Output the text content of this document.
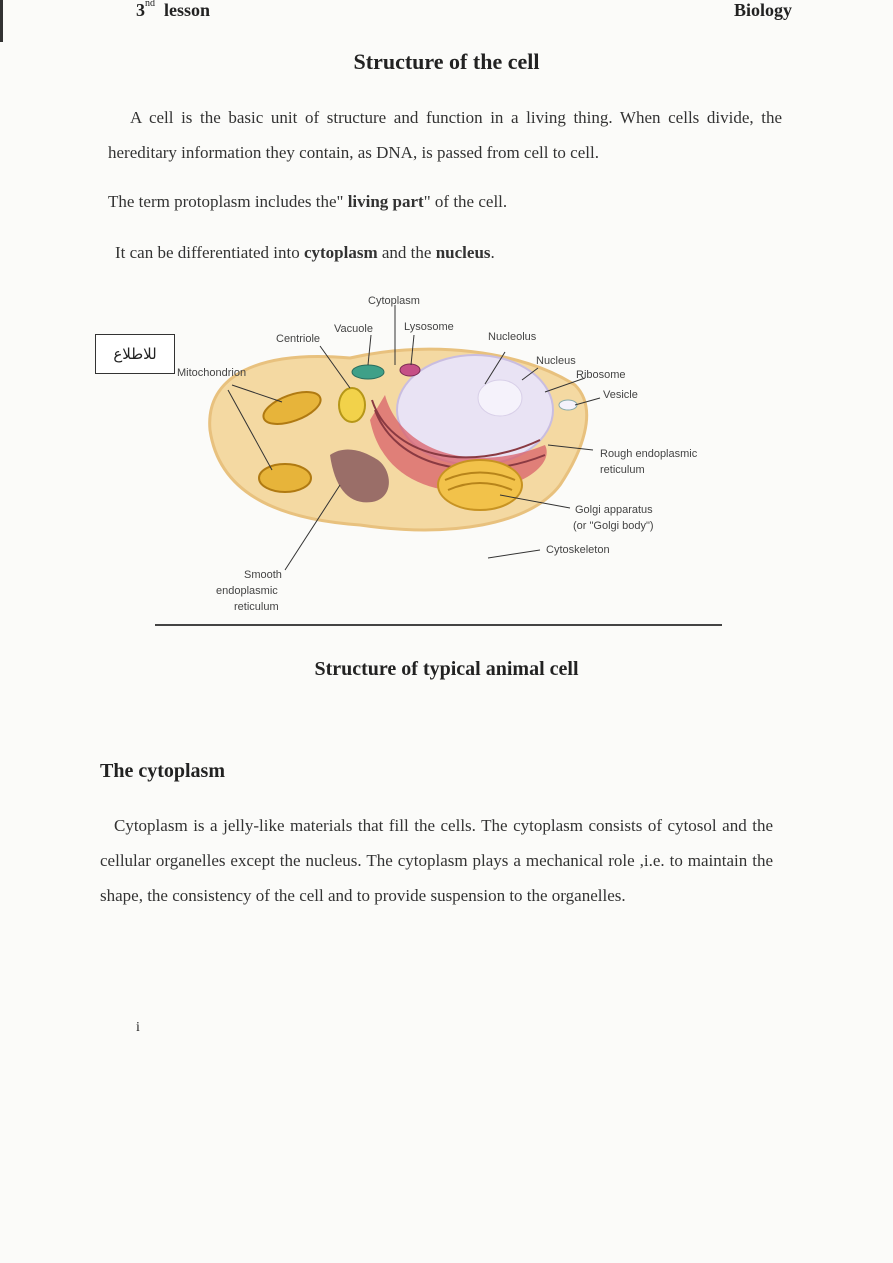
3nd lesson	Biology
Structure of the cell
A cell is the basic unit of structure and function in a living thing. When cells divide, the hereditary information they contain, as DNA, is passed from cell to cell.
The term protoplasm includes the" living part" of the cell.
It can be differentiated into cytoplasm and the nucleus.
للاطلاع
Cytoplasm
Vacuole	Lysosome
Centriole	Nucleolus
Nucleus
Ribosome
Vesicle
Mitochondrion
Rough endoplasmic
reticulum
Golgi apparatus
(or "Golgi body")
Cytoskeleton
Smooth
endoplasmic
reticulum
Structure of typical animal cell
The cytoplasm
Cytoplasm is a jelly-like materials that fill the cells. The cytoplasm consists of cytosol and the cellular organelles except the nucleus. The cytoplasm plays a mechanical role ,i.e. to maintain the shape, the consistency of the cell and to provide suspension to the organelles.
i
